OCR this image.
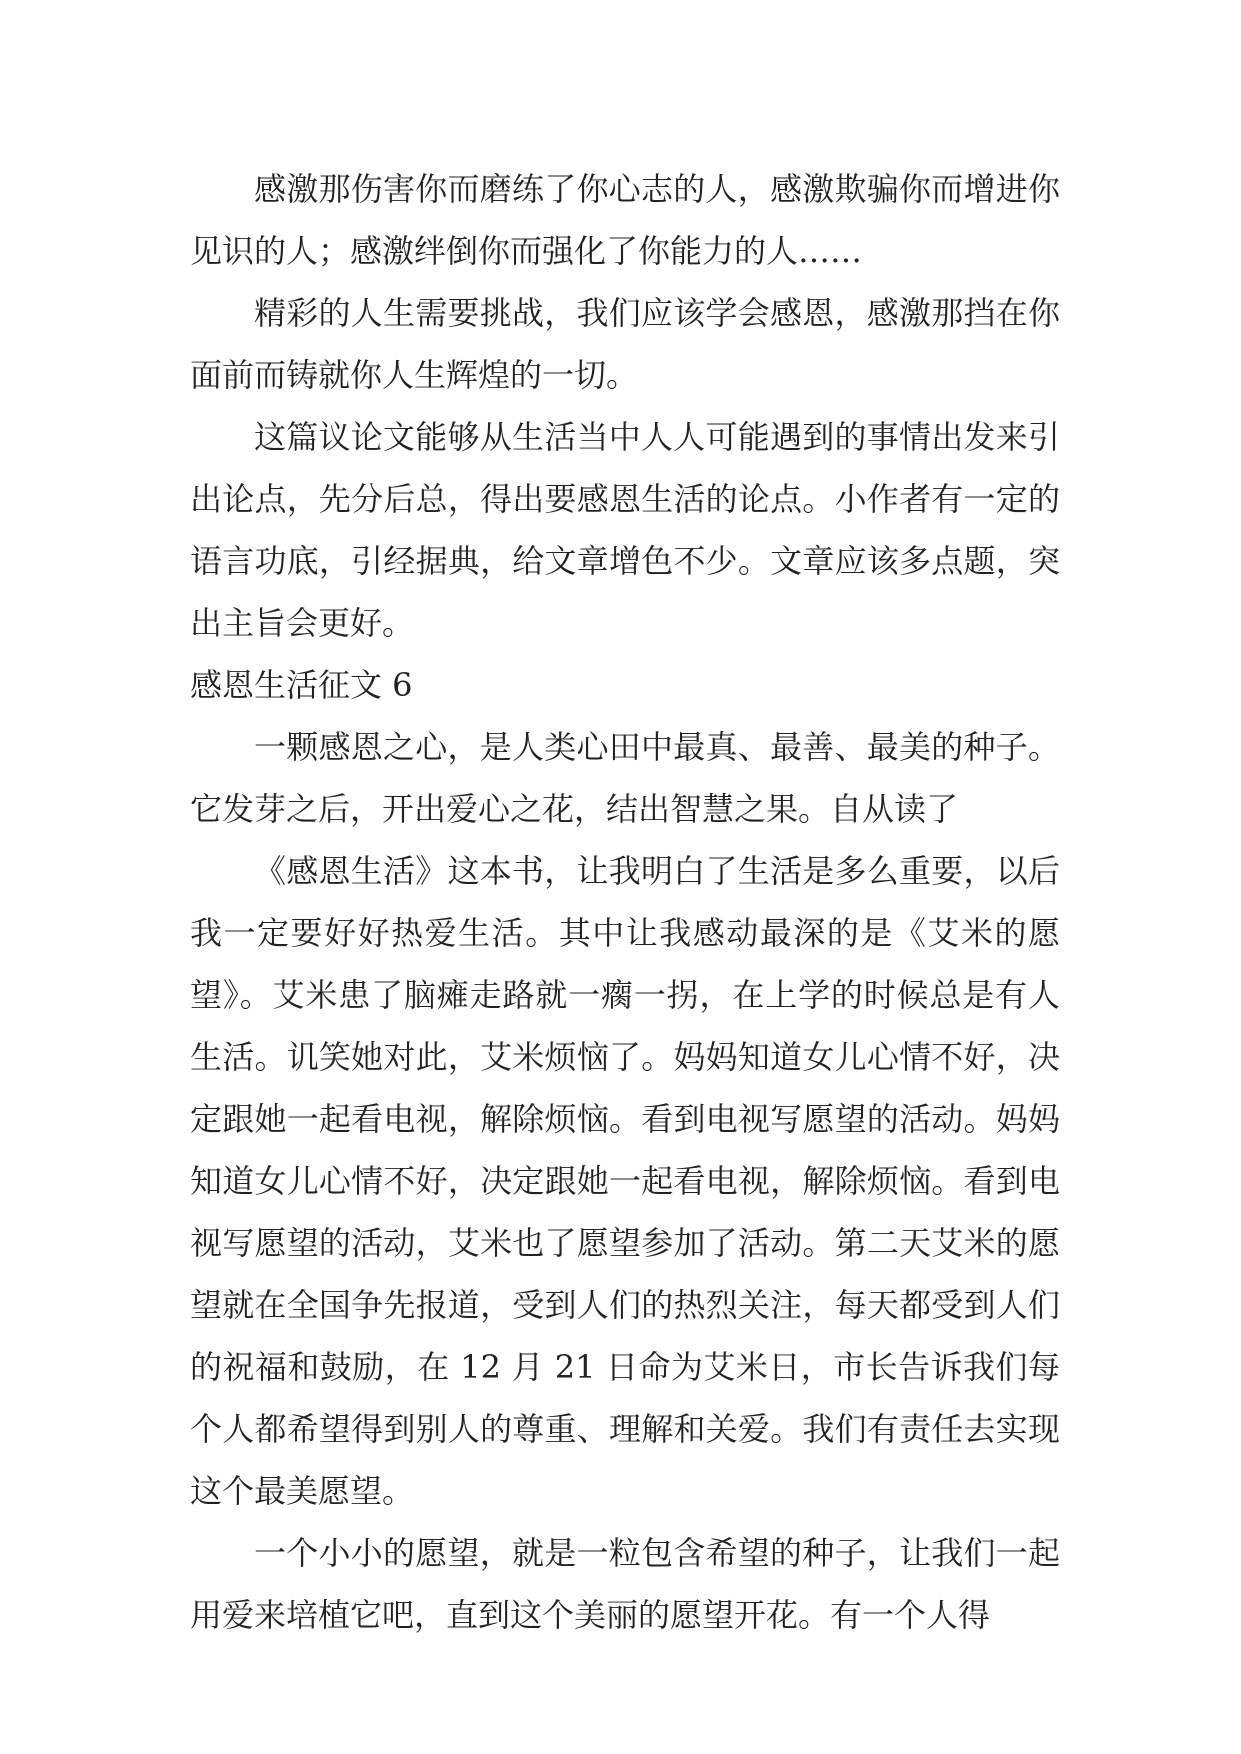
感激那伤害你而磨练了你心志的人，感激欺骗你而增进你见识的人；感激绊倒你而强化了你能力的人……

精彩的人生需要挑战，我们应该学会感恩，感激那挡在你面前而铸就你人生辉煌的一切。

这篇议论文能够从生活当中人人可能遇到的事情出发来引出论点，先分后总，得出要感恩生活的论点。小作者有一定的语言功底，引经据典，给文章增色不少。文章应该多点题，突出主旨会更好。

感恩生活征文 6

一颗感恩之心，是人类心田中最真、最善、最美的种子。它发芽之后，开出爱心之花，结出智慧之果。自从读了

《感恩生活》这本书，让我明白了生活是多么重要，以后我一定要好好热爱生活。其中让我感动最深的是《艾米的愿望》。艾米患了脑瘫走路就一瘸一拐，在上学的时候总是有人生活。讥笑她对此，艾米烦恼了。妈妈知道女儿心情不好，决定跟她一起看电视，解除烦恼。看到电视写愿望的活动。妈妈知道女儿心情不好，决定跟她一起看电视，解除烦恼。看到电视写愿望的活动，艾米也了愿望参加了活动。第二天艾米的愿望就在全国争先报道，受到人们的热烈关注，每天都受到人们的祝福和鼓励，在 12 月 21 日命为艾米日，市长告诉我们每个人都希望得到别人的尊重、理解和关爱。我们有责任去实现这个最美愿望。

一个小小的愿望，就是一粒包含希望的种子，让我们一起用爱来培植它吧，直到这个美丽的愿望开花。有一个人得
